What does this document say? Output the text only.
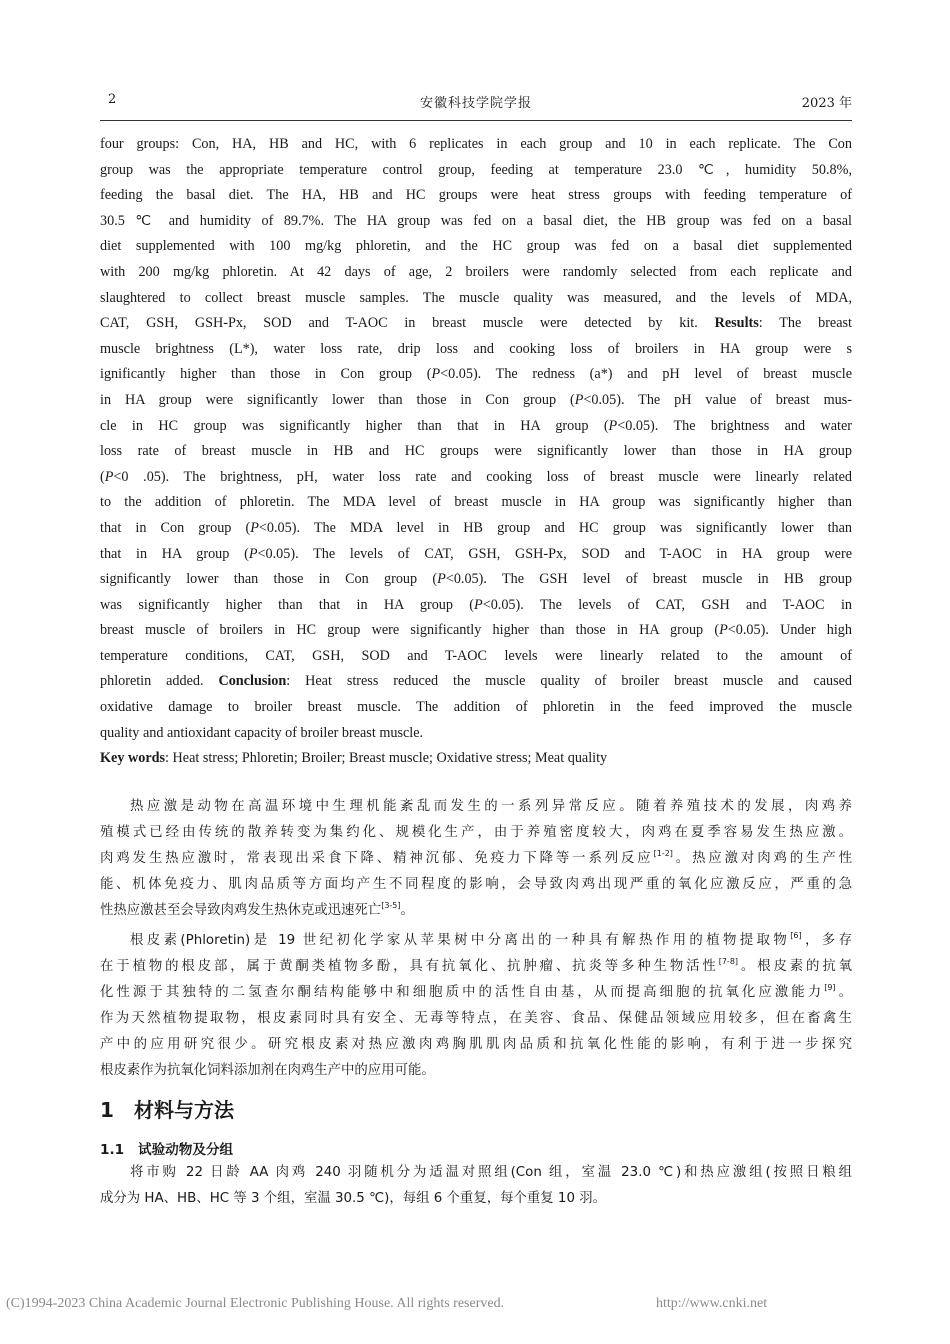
2	安徽科技学院学报	2023 年
four groups: Con, HA, HB and HC, with 6 replicates in each group and 10 in each replicate. The Con
group was the appropriate temperature control group, feeding at temperature 23.0 ℃, humidity 50.8%,
feeding the basal diet. The HA, HB and HC groups were heat stress groups with feeding temperature of
30.5 ℃ and humidity of 89.7%. The HA group was fed on a basal diet, the HB group was fed on a basal
diet supplemented with 100 mg/kg phloretin, and the HC group was fed on a basal diet supplemented
with 200 mg/kg phloretin. At 42 days of age, 2 broilers were randomly selected from each replicate and
slaughtered to collect breast muscle samples. The muscle quality was measured, and the levels of MDA,
CAT, GSH, GSH-Px, SOD and T-AOC in breast muscle were detected by kit. Results: The breast
muscle brightness (L*), water loss rate, drip loss and cooking loss of broilers in HA group were s
ignificantly higher than those in Con group (P<0.05). The redness (a*) and pH level of breast muscle
in HA group were significantly lower than those in Con group (P<0.05). The pH value of breast mus-
cle in HC group was significantly higher than that in HA group (P<0.05). The brightness and water
loss rate of breast muscle in HB and HC groups were significantly lower than those in HA group
(P<0 .05). The brightness, pH, water loss rate and cooking loss of breast muscle were linearly related
to the addition of phloretin. The MDA level of breast muscle in HA group was significantly higher than
that in Con group (P<0.05). The MDA level in HB group and HC group was significantly lower than
that in HA group (P<0.05). The levels of CAT, GSH, GSH-Px, SOD and T-AOC in HA group were
significantly lower than those in Con group (P<0.05). The GSH level of breast muscle in HB group
was significantly higher than that in HA group (P<0.05). The levels of CAT, GSH and T-AOC in
breast muscle of broilers in HC group were significantly higher than those in HA group (P<0.05). Under high
temperature conditions, CAT, GSH, SOD and T-AOC levels were linearly related to the amount of
phloretin added. Conclusion: Heat stress reduced the muscle quality of broiler breast muscle and caused
oxidative damage to broiler breast muscle. The addition of phloretin in the feed improved the muscle
quality and antioxidant capacity of broiler breast muscle.
Key words: Heat stress; Phloretin; Broiler; Breast muscle; Oxidative stress; Meat quality
热应激是动物在高温环境中生理机能紊乱而发生的一系列异常反应。随着养殖技术的发展，肉鸡养
殖模式已经由传统的散养转变为集约化、规模化生产，由于养殖密度较大，肉鸡在夏季容易发生热应激。
肉鸡发生热应激时，常表现出采食下降、精神沉郁、免疫力下降等一系列反应[1-2]。热应激对肉鸡的生产性
能、机体免疫力、肌肉品质等方面均产生不同程度的影响，会导致肉鸡出现严重的氧化应激反应，严重的急
性热应激甚至会导致肉鸡发生热休克或迅速死亡[3-5]。
根皮素(Phloretin)是 19 世纪初化学家从苹果树中分离出的一种具有解热作用的植物提取物[6]，多存
在于植物的根皮部，属于黄酮类植物多酚，具有抗氧化、抗肿瘤、抗炎等多种生物活性[7-8]。根皮素的抗氧
化性源于其独特的二氢查尔酮结构能够中和细胞质中的活性自由基，从而提高细胞的抗氧化应激能力[9]。
作为天然植物提取物，根皮素同时具有安全、无毒等特点，在美容、食品、保健品领域应用较多，但在畜禽生
产中的应用研究很少。研究根皮素对热应激肉鸡胸肌肌肉品质和抗氧化性能的影响，有利于进一步探究
根皮素作为抗氧化饲料添加剂在肉鸡生产中的应用可能。
1 材料与方法
1.1 试验动物及分组
将市购 22 日龄 AA 肉鸡 240 羽随机分为适温对照组(Con 组，室温 23.0 ℃)和热应激组(按照日粮组
成分为 HA、HB、HC 等 3 个组，室温 30.5 ℃)，每组 6 个重复，每个重复 10 羽。
(C)1994-2023 China Academic Journal Electronic Publishing House. All rights reserved.	http://www.cnki.net
